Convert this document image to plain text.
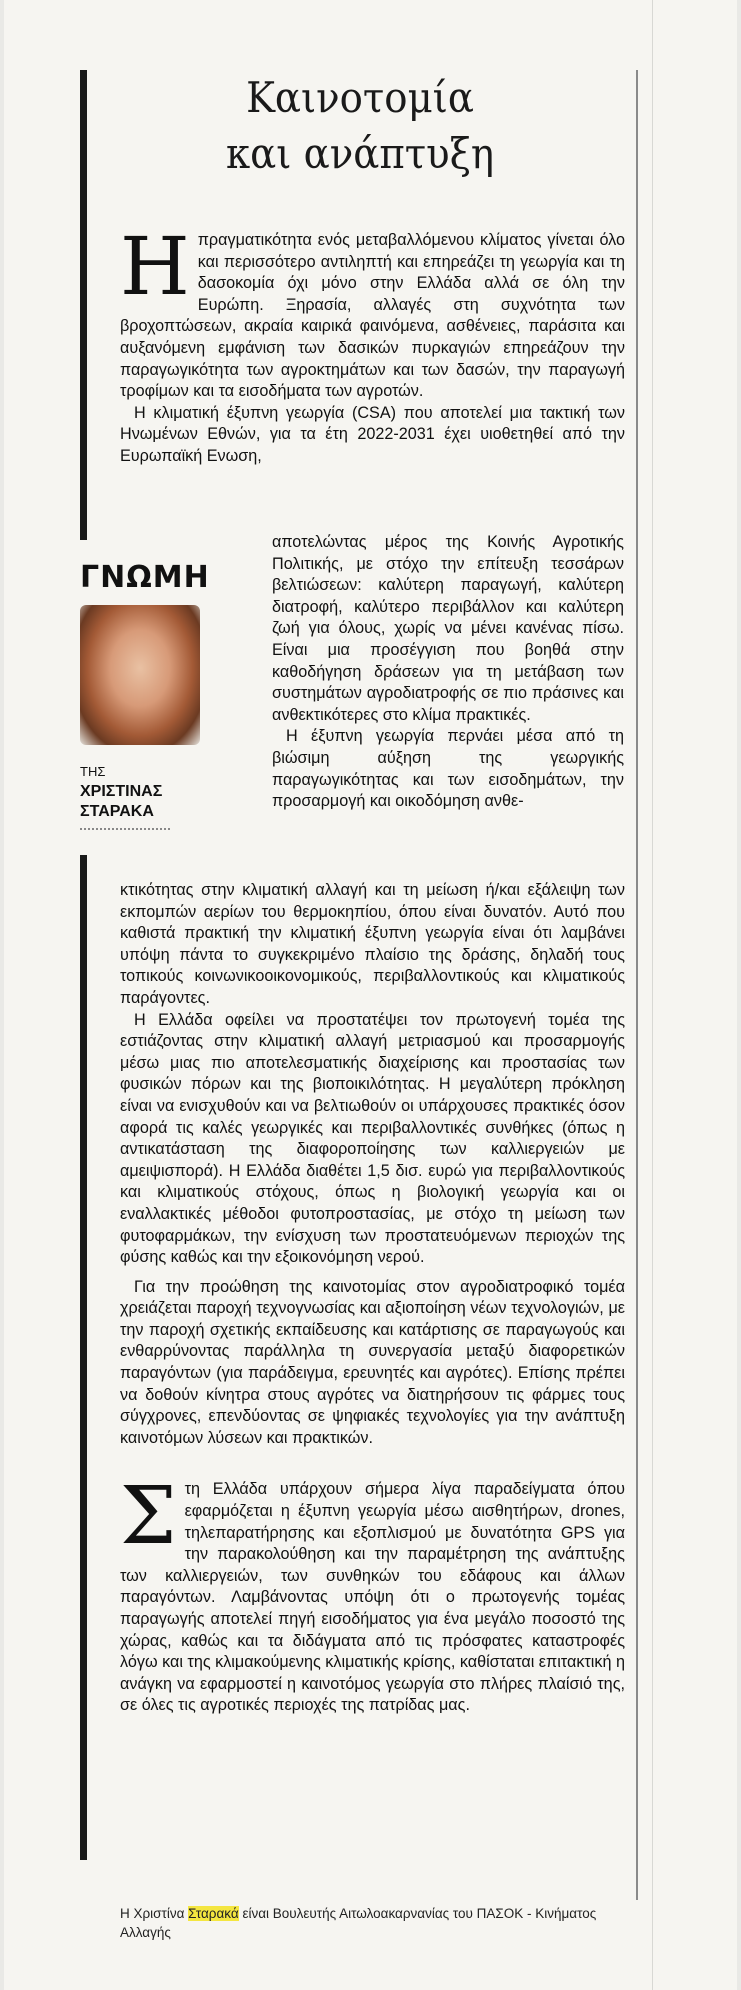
Καινοτομία
και ανάπτυξη

Ηπραγματικότητα ενός μεταβαλλόμενου κλίματος γίνεται όλο και περισσότερο αντιληπτή και επηρεάζει τη γεωργία και τη δασοκομία όχι μόνο στην Ελλάδα αλλά σε όλη την Ευρώπη. Ξηρασία, αλλαγές στη συχνότητα των βροχοπτώσεων, ακραία καιρικά φαινόμενα, ασθένειες, παράσιτα και αυξανόμενη εμφάνιση των δασικών πυρκαγιών επηρεάζουν την παραγωγικότητα των αγροκτημάτων και των δασών, την παραγωγή τροφίμων και τα εισοδήματα των αγροτών.

Η κλιματική έξυπνη γεωργία (CSA) που αποτελεί μια τακτική των Ηνωμένων Εθνών, για τα έτη 2022-2031 έχει υιοθετηθεί από την Ευρωπαϊκή Ενωση,

ΓΝΩΜΗ
ΤΗΣ
ΧΡΙΣΤΙΝΑΣ
ΣΤΑΡΑΚΑ

αποτελώντας μέρος της Κοινής Αγροτικής Πολιτικής, με στόχο την επίτευξη τεσσάρων βελτιώσεων: καλύτερη παραγωγή, καλύτερη διατροφή, καλύτερο περιβάλλον και καλύτερη ζωή για όλους, χωρίς να μένει κανένας πίσω. Είναι μια προσέγγιση που βοηθά στην καθοδήγηση δράσεων για τη μετάβαση των συστημάτων αγροδιατροφής σε πιο πράσινες και ανθεκτικότερες στο κλίμα πρακτικές.

Η έξυπνη γεωργία περνάει μέσα από τη βιώσιμη αύξηση της γεωργικής παραγωγικότητας και των εισοδημάτων, την προσαρμογή και οικοδόμηση ανθε-

κτικότητας στην κλιματική αλλαγή και τη μείωση ή/και εξάλειψη των εκπομπών αερίων του θερμοκηπίου, όπου είναι δυνατόν. Αυτό που καθιστά πρακτική την κλιματική έξυπνη γεωργία είναι ότι λαμβάνει υπόψη πάντα το συγκεκριμένο πλαίσιο της δράσης, δηλαδή τους τοπικούς κοινωνικοοικονομικούς, περιβαλλοντικούς και κλιματικούς παράγοντες.

Η Ελλάδα οφείλει να προστατέψει τον πρωτογενή τομέα της εστιάζοντας στην κλιματική αλλαγή μετριασμού και προσαρμογής μέσω μιας πιο αποτελεσματικής διαχείρισης και προστασίας των φυσικών πόρων και της βιοποικιλότητας. Η μεγαλύτερη πρόκληση είναι να ενισχυθούν και να βελτιωθούν οι υπάρχουσες πρακτικές όσον αφορά τις καλές γεωργικές και περιβαλλοντικές συνθήκες (όπως η αντικατάσταση της διαφοροποίησης των καλλιεργειών με αμειψισπορά). Η Ελλάδα διαθέτει 1,5 δισ. ευρώ για περιβαλλοντικούς και κλιματικούς στόχους, όπως η βιολογική γεωργία και οι εναλλακτικές μέθοδοι φυτοπροστασίας, με στόχο τη μείωση των φυτοφαρμάκων, την ενίσχυση των προστατευόμενων περιοχών της φύσης καθώς και την εξοικονόμηση νερού.

Για την προώθηση της καινοτομίας στον αγροδιατροφικό τομέα χρειάζεται παροχή τεχνογνωσίας και αξιοποίηση νέων τεχνολογιών, με την παροχή σχετικής εκπαίδευσης και κατάρτισης σε παραγωγούς και ενθαρρύνοντας παράλληλα τη συνεργασία μεταξύ διαφορετικών παραγόντων (για παράδειγμα, ερευνητές και αγρότες). Επίσης πρέπει να δοθούν κίνητρα στους αγρότες να διατηρήσουν τις φάρμες τους σύγχρονες, επενδύοντας σε ψηφιακές τεχνολογίες για την ανάπτυξη καινοτόμων λύσεων και πρακτικών.

Στη Ελλάδα υπάρχουν σήμερα λίγα παραδείγματα όπου εφαρμόζεται η έξυπνη γεωργία μέσω αισθητήρων, drones, τηλεπαρατήρησης και εξοπλισμού με δυνατότητα GPS για την παρακολούθηση και την παραμέτρηση της ανάπτυξης των καλλιεργειών, των συνθηκών του εδάφους και άλλων παραγόντων. Λαμβάνοντας υπόψη ότι ο πρωτογενής τομέας παραγωγής αποτελεί πηγή εισοδήματος για ένα μεγάλο ποσοστό της χώρας, καθώς και τα διδάγματα από τις πρόσφατες καταστροφές λόγω και της κλιμακούμενης κλιματικής κρίσης, καθίσταται επιτακτική η ανάγκη να εφαρμοστεί η καινοτόμος γεωργία στο πλήρες πλαίσιό της, σε όλες τις αγροτικές περιοχές της πατρίδας μας.

Η Χριστίνα Σταρακά είναι Βουλευτής Αιτωλοακαρνανίας του ΠΑΣΟΚ - Κινήματος Αλλαγής
